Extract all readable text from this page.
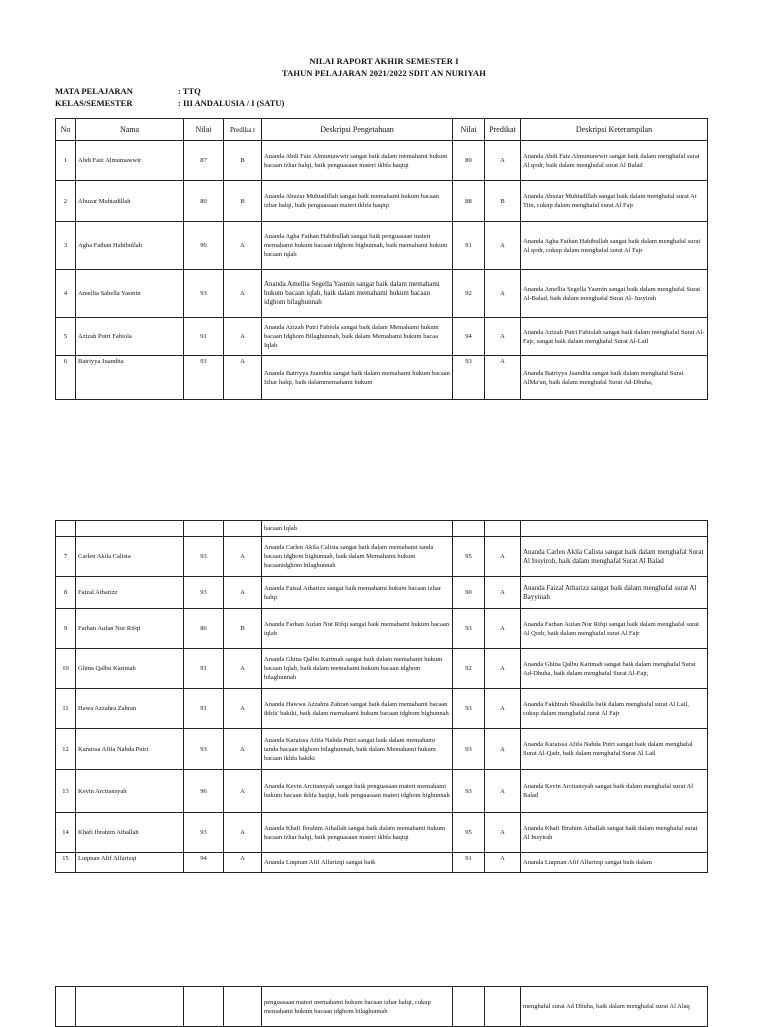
NILAI RAPORT AKHIR SEMESTER I
TAHUN PELAJARAN 2021/2022 SDIT AN NURIYAH
MATA PELAJARAN	: TTQ
KELAS/SEMESTER	: III ANDALUSIA / I (SATU)
No	Nama	Nilai	Predika t	Deskripsi Pengetahuan	Nilai	Predikat	Deskripsi Keterampilan
1	Abdi Faiz Almumawwir	87	B	Ananda Abdi Faiz Almumawwir sangat baik dalam memahami hukum bacaan izhar halqi, baik penguasaan materi ikhfa haqiqi	89	A	Ananda Abdi Faiz Almumawwir sangat baik dalam menghafal surat Al qodr, baik dalam menghafal surat Al Balad
2	Abuzar Muhtadillah	80	B	Ananda Abuzar Muhtadillah sangat baik memahami hukum bacaan izhar halqi, baik penguasaan materi ikhfa haqiqi	88	B	Ananda Abuzar Muhtadillah sangat baik dalam menghafal surat At Tiin, cukup dalam menghafal surat Al Fajr
3	Agha Fathan Habibullah	90	A	Ananda Agha Fathan Habibullah sangat baik penguasaan materi memahami hukum bacaan idghom bighunnah, baik memahami hukum bacaan iqlab	91	A	Ananda Agha Fathan Habibullah sangat baik dalam menghafal surat Al qodr, cukup dalam menghafal surat Al Fajr
4	Amellia Sabella Yasmin	93	A	Ananda Amellia Segella Yasmin sangat baik dalam memahami hukum bacaan iqlab, baik dalam memahami hukum bacaan idghom bilaghunnah	92	A	Ananda Amellia Segella Yasmin sangat baik dalam menghafal Surat Al-Balad, baik dalam menghafal Surat Al- Insyirah
5	Azizah Putri Fabiola	91	A	Ananda Azizah Putri Fabiola sangat baik dalam Memahami hukum bacaan Idghom Bilaghunnah, baik dalam Memahami hukum bacaa Iqlab	94	A	Ananda Azizah Putri Fabiolah sangat baik dalam menghafal Surat Al-Fajr, sangat baik dalam menghafal Surat Al-Lail
6	Batriyya Juandita	93	A	Ananda Batriyya Juandita sangat baik dalam memahami hukum bacaan Izhar halqi, baik dalammemahami hukum	93	A	Ananda Batriyya Juandita sangat baik dalam menghafal Surat AlMa'un, baik dalam menghafal Surat Ad-Dhuha,
				bacaan Iqlab			
7	Carlen Akila Calista	93	A	Ananda Carlen Akila Calista sangat baik dalam memahami tanda bacaan idghom bighunnah, baik dalam Memahami hukum bacaanidghom bilaghunnah	95	A	Ananda Carlen Akila Calista sangat baik dalam menghafal Surat Al Insyiroh, baik dalam menghafal Surat Al Balad
8	Faizal Atharizz	93	A	Ananda Faizal Atharizz sangat baik memahami hukum bacaan izhar halqi	90	A	Ananda Faizal Atharizz sangat baik dalam menghafal surat Al Bayyinah
9	Farhan Aufan Nur Rifqi	86	B	Ananda Farhan Aufan Nur Rifqi sangat baik memahami hukum bacaan iqlab	93	A	Ananda Farhan Aufan Nur Rifqi sangat baik dalam menghafal surat Al Qodr, baik dalam menghafal surat Al Fajr
10	Ghina Qalbu Karimah	91	A	Ananda Ghina Qalbu Karimah sangat baik dalam memahami hukum bacaan Iqlab, baik dalam memahami hukum bacaan idghom bilaghunnah	92	A	Ananda Ghina Qalbu Karimah sangat baik dalam menghafal Surat Ad-Dhuha, baik dalam menghafal Surat Al-Fajr,
11	Hawa Azzahra Zahran	91	A	Ananda Hawwa Azzahra Zahran sangat baik dalam memahami bacaan ikhfa' hakiki, baik dalam memahami hukum bacaan idghom bighunnah	93	A	Ananda Fakhirah Shaakilla baik dalam menghafal surat Al Lail, cukup dalam menghafal surat Al Fajr
12	Karaissa Afifa Nahda Putri	93	A	Ananda Karaissa Afifa Nahda Putri sangat baik dalam memahami tanda bacaan idghom bilaghunnah, baik dalam Memahami hukum bacaan ikhfa hakiki	93	A	Ananda Karaissa Afifa Nahda Putri sangat baik dalam menghafal Surat Al-Qadr, baik dalam menghafal Surat Al Lail
13	Kevin Arctiansyah	96	A	Ananda Kevin Arctiansyah sangat baik penguasaan materi memahami hukum bacaan ikhfa haqiqi, baik penguasaan materi idghom bighunnah	93	A	Ananda Kevin Arctiansyah sangat baik dalam menghafal surat Al Balad
14	Khafi Ibrahim Athallah	93	A	Ananda Khafi Ibrahim Athallah sangat baik dalam memahami hukum bacaan izhar halqi, baik penguasaan materi ikhfa haqiqi	95	A	Ananda Khafi Ibrahim Athallah sangat baik dalam menghafal surat Al Insyirah
15	Luqman Afif Alfarizqi	94	A	Ananda Luqman Afif Alfarizqi sangat baik	91	A	Ananda Luqman Afif Alfarizqi sangat baik dalam
				penguasaan materi memahami hukum bacaan izhar halqi, cukup memahami hukum bacaan idghom bilaghunnah			menghafal surat Ad Dhuha, baik dalam menghafal surat Al Alaq
